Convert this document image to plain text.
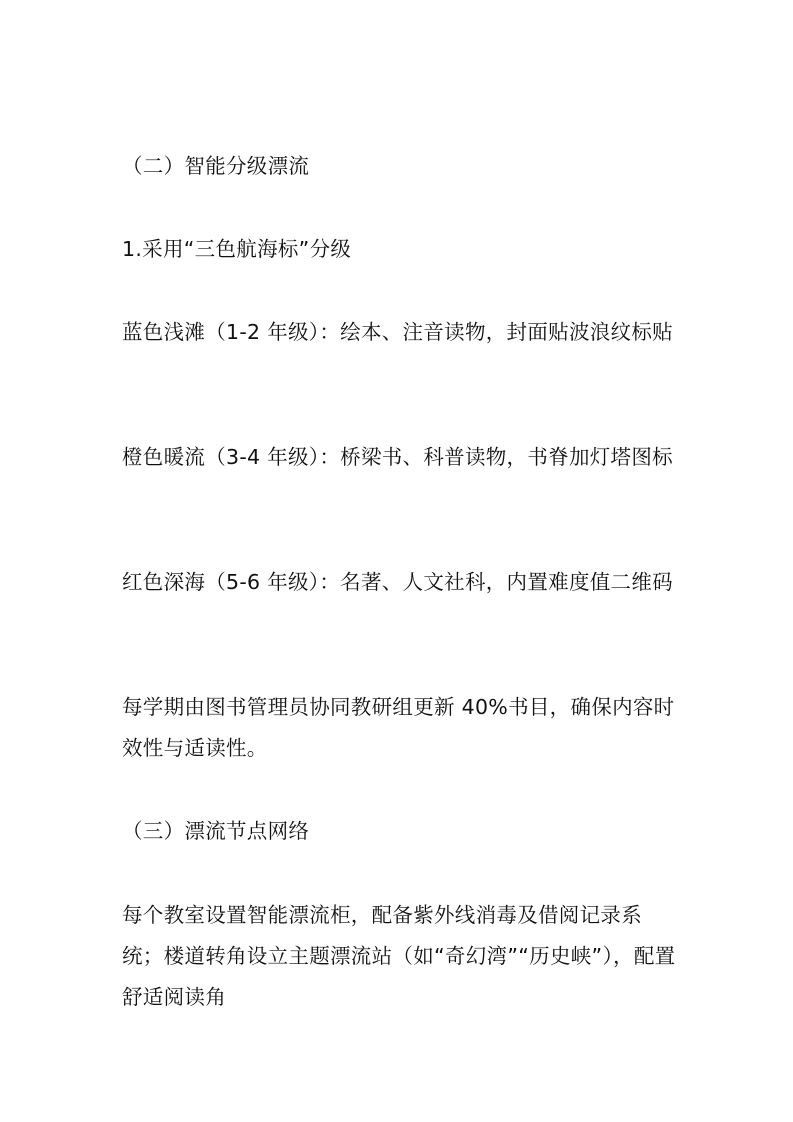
（二）智能分级漂流

1.采用“三色航海标”分级

蓝色浅滩（1-2 年级）：绘本、注音读物，封面贴波浪纹标贴

橙色暖流（3-4 年级）：桥梁书、科普读物，书脊加灯塔图标

红色深海（5-6 年级）：名著、人文社科，内置难度值二维码

每学期由图书管理员协同教研组更新 40%书目，确保内容时效性与适读性。

（三）漂流节点网络

每个教室设置智能漂流柜，配备紫外线消毒及借阅记录系统；楼道转角设立主题漂流站（如“奇幻湾”“历史峡”），配置舒适阅读角
